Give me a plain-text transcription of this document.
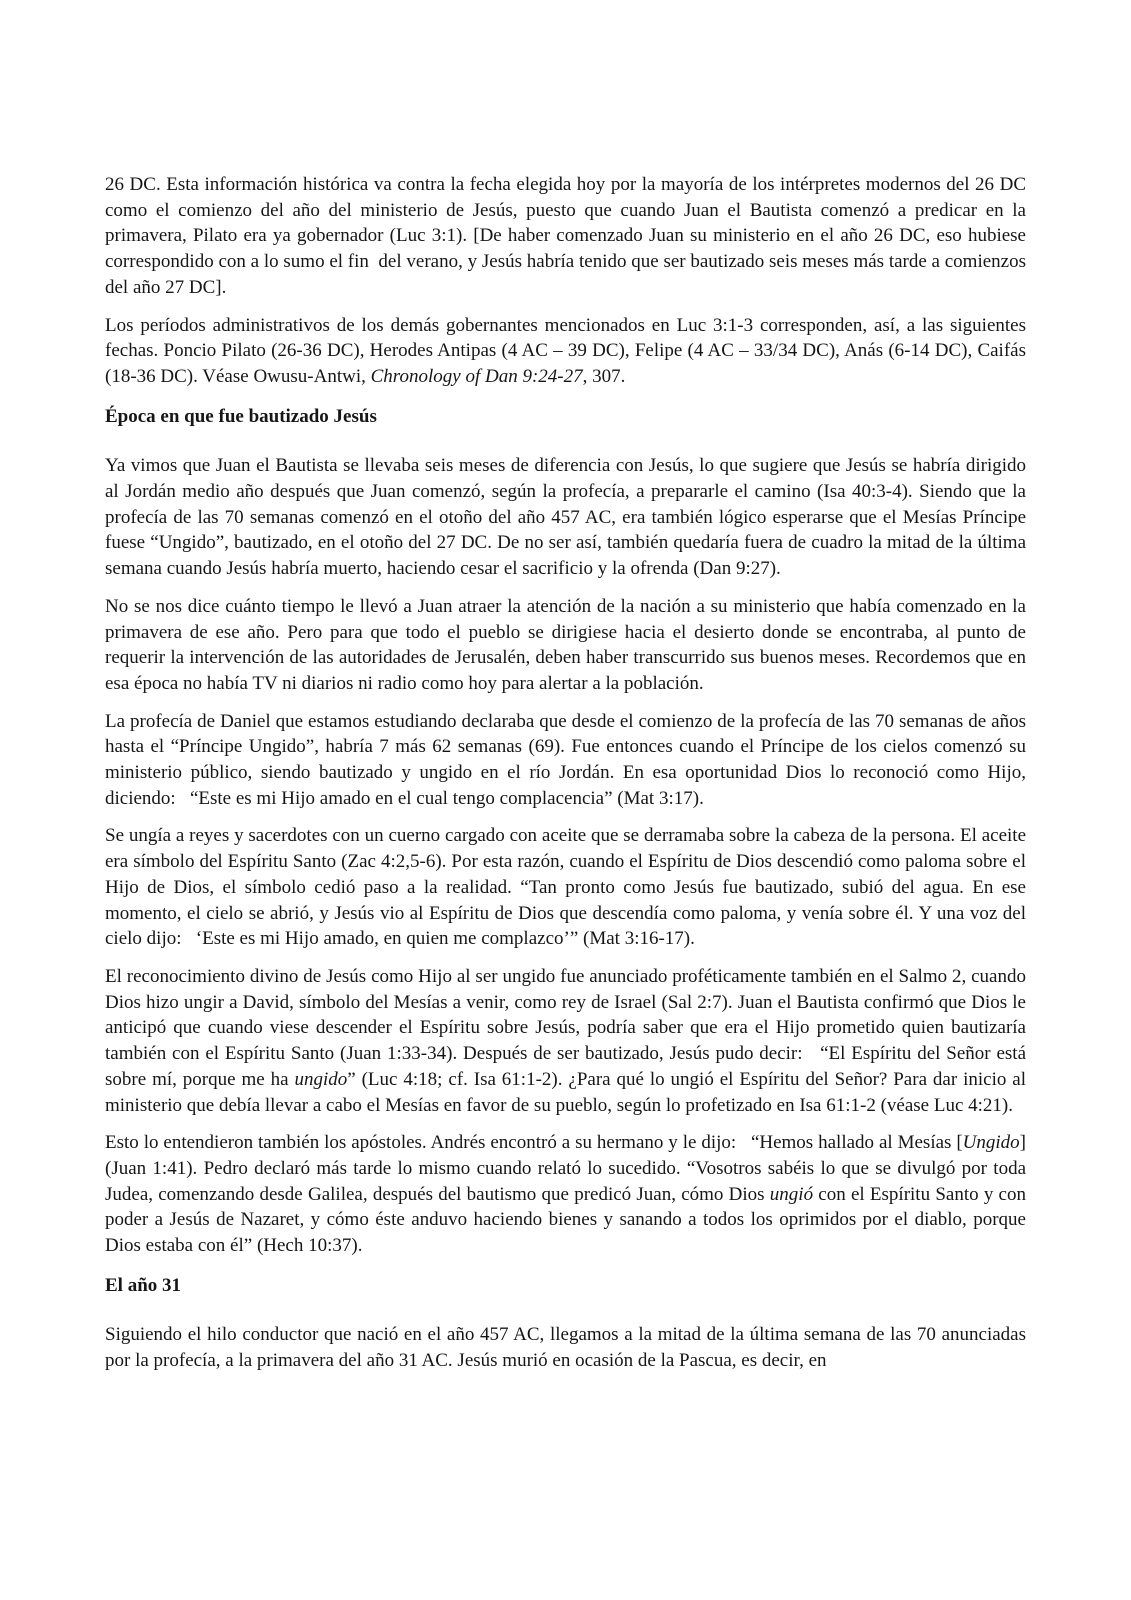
26 DC. Esta información histórica va contra la fecha elegida hoy por la mayoría de los intérpretes modernos del 26 DC como el comienzo del año del ministerio de Jesús, puesto que cuando Juan el Bautista comenzó a predicar en la primavera, Pilato era ya gobernador (Luc 3:1). [De haber comenzado Juan su ministerio en el año 26 DC, eso hubiese correspondido con a lo sumo el fin  del verano, y Jesús habría tenido que ser bautizado seis meses más tarde a comienzos del año 27 DC].

Los períodos administrativos de los demás gobernantes mencionados en Luc 3:1-3 corresponden, así, a las siguientes fechas. Poncio Pilato (26-36 DC), Herodes Antipas (4 AC – 39 DC), Felipe (4 AC – 33/34 DC), Anás (6-14 DC), Caifás (18-36 DC). Véase Owusu-Antwi, Chronology of Dan 9:24-27, 307.

Época en que fue bautizado Jesús

Ya vimos que Juan el Bautista se llevaba seis meses de diferencia con Jesús, lo que sugiere que Jesús se habría dirigido al Jordán medio año después que Juan comenzó, según la profecía, a prepararle el camino (Isa 40:3-4). Siendo que la profecía de las 70 semanas comenzó en el otoño del año 457 AC, era también lógico esperarse que el Mesías Príncipe fuese “Ungido”, bautizado, en el otoño del 27 DC. De no ser así, también quedaría fuera de cuadro la mitad de la última semana cuando Jesús habría muerto, haciendo cesar el sacrificio y la ofrenda (Dan 9:27).

No se nos dice cuánto tiempo le llevó a Juan atraer la atención de la nación a su ministerio que había comenzado en la primavera de ese año. Pero para que todo el pueblo se dirigiese hacia el desierto donde se encontraba, al punto de requerir la intervención de las autoridades de Jerusalén, deben haber transcurrido sus buenos meses. Recordemos que en esa época no había TV ni diarios ni radio como hoy para alertar a la población.

La profecía de Daniel que estamos estudiando declaraba que desde el comienzo de la profecía de las 70 semanas de años hasta el “Príncipe Ungido”, habría 7 más 62 semanas (69). Fue entonces cuando el Príncipe de los cielos comenzó su ministerio público, siendo bautizado y ungido en el río Jordán. En esa oportunidad Dios lo reconoció como Hijo, diciendo:   “Este es mi Hijo amado en el cual tengo complacencia” (Mat 3:17).

Se ungía a reyes y sacerdotes con un cuerno cargado con aceite que se derramaba sobre la cabeza de la persona. El aceite era símbolo del Espíritu Santo (Zac 4:2,5-6). Por esta razón, cuando el Espíritu de Dios descendió como paloma sobre el Hijo de Dios, el símbolo cedió paso a la realidad. “Tan pronto como Jesús fue bautizado, subió del agua. En ese momento, el cielo se abrió, y Jesús vio al Espíritu de Dios que descendía como paloma, y venía sobre él. Y una voz del cielo dijo:   ‘Este es mi Hijo amado, en quien me complazco’” (Mat 3:16-17).

El reconocimiento divino de Jesús como Hijo al ser ungido fue anunciado proféticamente también en el Salmo 2, cuando Dios hizo ungir a David, símbolo del Mesías a venir, como rey de Israel (Sal 2:7). Juan el Bautista confirmó que Dios le anticipó que cuando viese descender el Espíritu sobre Jesús, podría saber que era el Hijo prometido quien bautizaría también con el Espíritu Santo (Juan 1:33-34). Después de ser bautizado, Jesús pudo decir:   “El Espíritu del Señor está sobre mí, porque me ha ungido” (Luc 4:18; cf. Isa 61:1-2). ¿Para qué lo ungió el Espíritu del Señor? Para dar inicio al ministerio que debía llevar a cabo el Mesías en favor de su pueblo, según lo profetizado en Isa 61:1-2 (véase Luc 4:21).

Esto lo entendieron también los apóstoles. Andrés encontró a su hermano y le dijo:   “Hemos hallado al Mesías [Ungido] (Juan 1:41). Pedro declaró más tarde lo mismo cuando relató lo sucedido. “Vosotros sabéis lo que se divulgó por toda Judea, comenzando desde Galilea, después del bautismo que predicó Juan, cómo Dios ungió con el Espíritu Santo y con poder a Jesús de Nazaret, y cómo éste anduvo haciendo bienes y sanando a todos los oprimidos por el diablo, porque Dios estaba con él” (Hech 10:37).

El año 31

Siguiendo el hilo conductor que nació en el año 457 AC, llegamos a la mitad de la última semana de las 70 anunciadas por la profecía, a la primavera del año 31 AC. Jesús murió en ocasión de la Pascua, es decir, en
